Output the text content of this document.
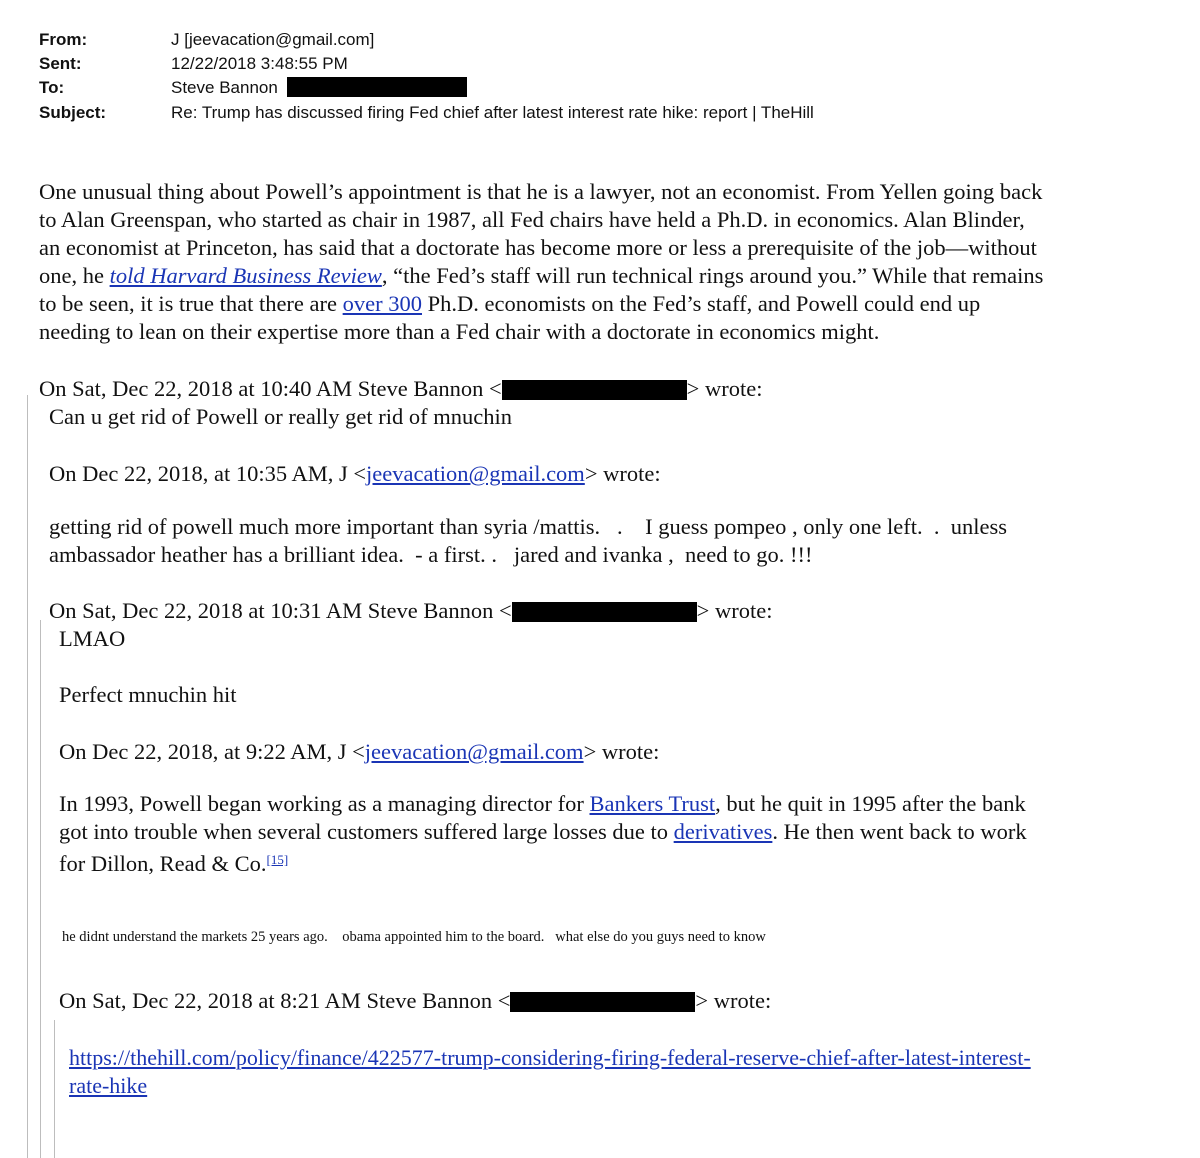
From:	J [jeevacation@gmail.com]
Sent:	12/22/2018 3:48:55 PM
To:	Steve Bannon
Subject:	Re: Trump has discussed firing Fed chief after latest interest rate hike: report | TheHill
One unusual thing about Powell’s appointment is that he is a lawyer, not an economist. From Yellen going back
to Alan Greenspan, who started as chair in 1987, all Fed chairs have held a Ph.D. in economics. Alan Blinder,
an economist at Princeton, has said that a doctorate has become more or less a prerequisite of the job—without
one, he told Harvard Business Review, “the Fed’s staff will run technical rings around you.” While that remains
to be seen, it is true that there are over 300 Ph.D. economists on the Fed’s staff, and Powell could end up
needing to lean on their expertise more than a Fed chair with a doctorate in economics might.
On Sat, Dec 22, 2018 at 10:40 AM Steve Bannon <	> wrote:
Can u get rid of Powell or really get rid of mnuchin
On Dec 22, 2018, at 10:35 AM, J <jeevacation@gmail.com> wrote:
getting rid of powell much more important than syria /mattis.   .    I guess pompeo , only one left.  .  unless
ambassador heather has a brilliant idea.  - a first. .   jared and ivanka ,  need to go. !!!
On Sat, Dec 22, 2018 at 10:31 AM Steve Bannon <	> wrote:
LMAO
Perfect mnuchin hit
On Dec 22, 2018, at 9:22 AM, J <jeevacation@gmail.com> wrote:
In 1993, Powell began working as a managing director for Bankers Trust, but he quit in 1995 after the bank
got into trouble when several customers suffered large losses due to derivatives. He then went back to work
for Dillon, Read & Co.[15]
he didnt understand the markets 25 years ago.    obama appointed him to the board.   what else do you guys need to know
On Sat, Dec 22, 2018 at 8:21 AM Steve Bannon <	> wrote:
https://thehill.com/policy/finance/422577-trump-considering-firing-federal-reserve-chief-after-latest-interest-
rate-hike
